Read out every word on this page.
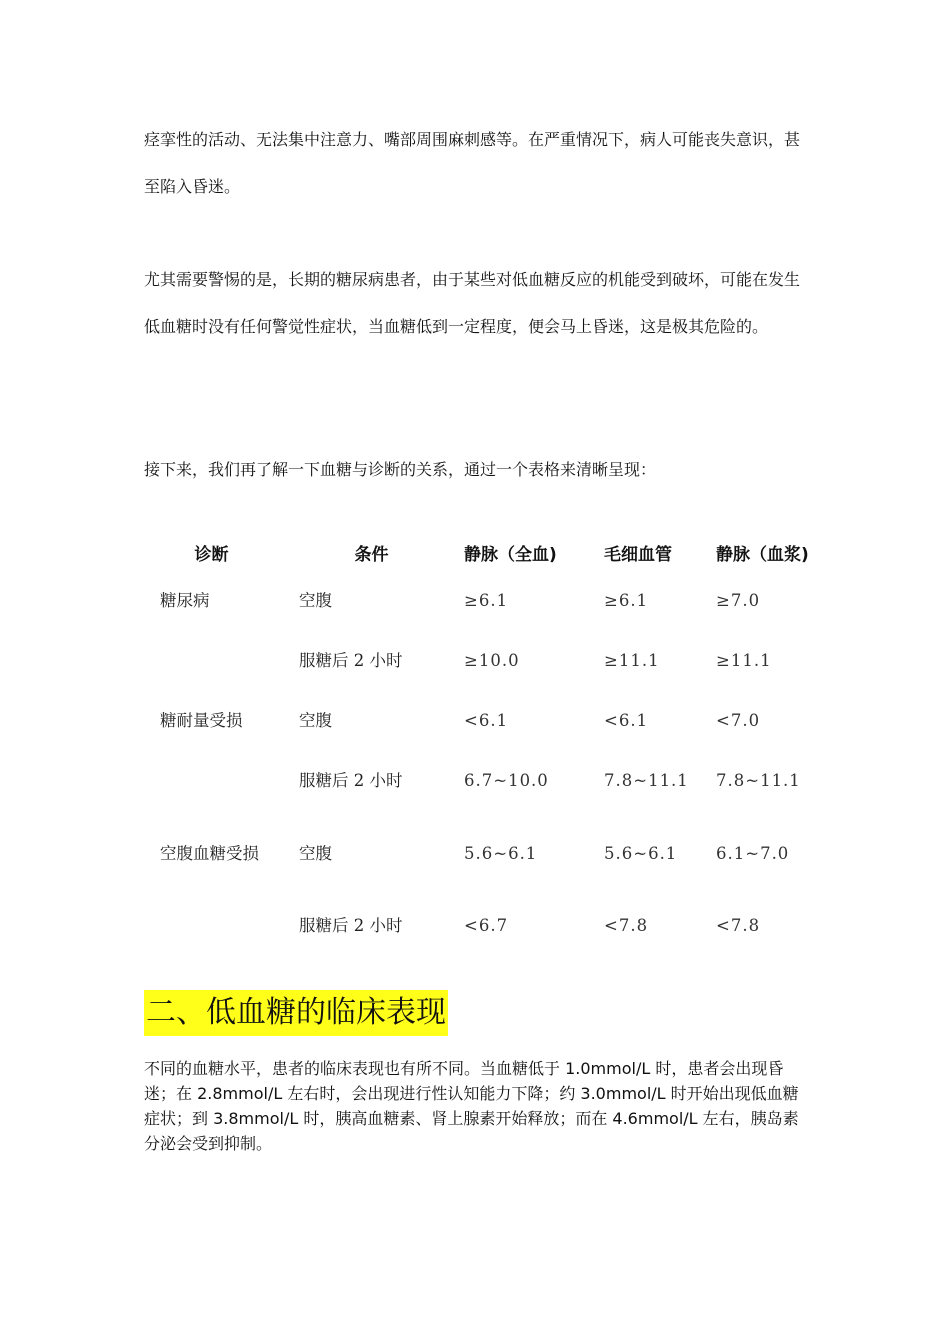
痉挛性的活动、无法集中注意力、嘴部周围麻刺感等。在严重情况下，病人可能丧失意识，甚至陷入昏迷。

尤其需要警惕的是，长期的糖尿病患者，由于某些对低血糖反应的机能受到破坏，可能在发生低血糖时没有任何警觉性症状，当血糖低到一定程度，便会马上昏迷，这是极其危险的。

接下来，我们再了解一下血糖与诊断的关系，通过一个表格来清晰呈现：

诊断	条件	静脉（全血)	毛细血管	静脉（血浆)
糖尿病	空腹	≥6.1	≥6.1	≥7.0
	服糖后 2 小时	≥10.0	≥11.1	≥11.1
糖耐量受损	空腹	<6.1	<6.1	<7.0
	服糖后 2 小时	6.7~10.0	7.8~11.1	7.8~11.1
空腹血糖受损	空腹	5.6~6.1	5.6~6.1	6.1~7.0
	服糖后 2 小时	<6.7	<7.8	<7.8
二、低血糖的临床表现

不同的血糖水平，患者的临床表现也有所不同。当血糖低于 1.0mmol/L 时，患者会出现昏迷；在 2.8mmol/L 左右时，会出现进行性认知能力下降；约 3.0mmol/L 时开始出现低血糖症状；到 3.8mmol/L 时，胰高血糖素、肾上腺素开始释放；而在 4.6mmol/L 左右，胰岛素分泌会受到抑制。
